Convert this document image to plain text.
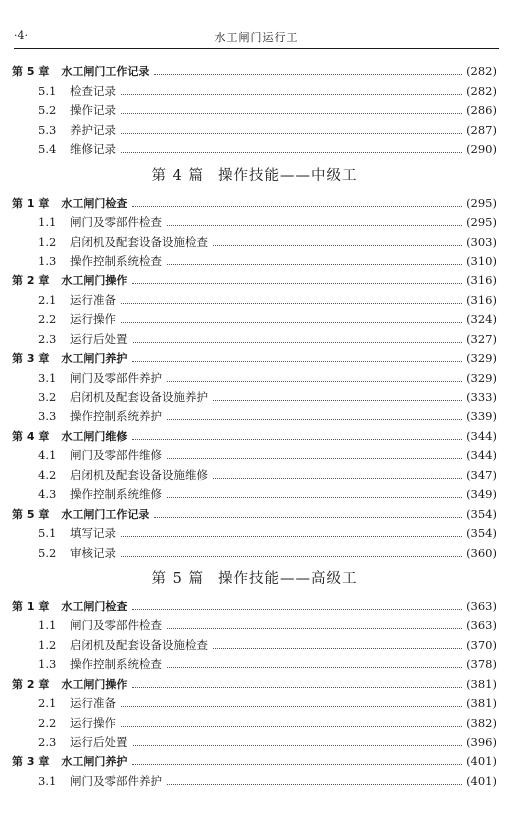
·4·	水工闸门运行工
第 5 章 水工闸门工作记录	(282)
5.1	检查记录	(282)
5.2	操作记录	(286)
5.3	养护记录	(287)
5.4	维修记录	(290)
第 4 篇 操作技能——中级工
第 1 章 水工闸门检查	(295)
1.1	闸门及零部件检查	(295)
1.2	启闭机及配套设备设施检查	(303)
1.3	操作控制系统检查	(310)
第 2 章 水工闸门操作	(316)
2.1	运行准备	(316)
2.2	运行操作	(324)
2.3	运行后处置	(327)
第 3 章 水工闸门养护	(329)
3.1	闸门及零部件养护	(329)
3.2	启闭机及配套设备设施养护	(333)
3.3	操作控制系统养护	(339)
第 4 章 水工闸门维修	(344)
4.1	闸门及零部件维修	(344)
4.2	启闭机及配套设备设施维修	(347)
4.3	操作控制系统维修	(349)
第 5 章 水工闸门工作记录	(354)
5.1	填写记录	(354)
5.2	审核记录	(360)
第 5 篇 操作技能——高级工
第 1 章 水工闸门检查	(363)
1.1	闸门及零部件检查	(363)
1.2	启闭机及配套设备设施检查	(370)
1.3	操作控制系统检查	(378)
第 2 章 水工闸门操作	(381)
2.1	运行准备	(381)
2.2	运行操作	(382)
2.3	运行后处置	(396)
第 3 章 水工闸门养护	(401)
3.1	闸门及零部件养护	(401)
